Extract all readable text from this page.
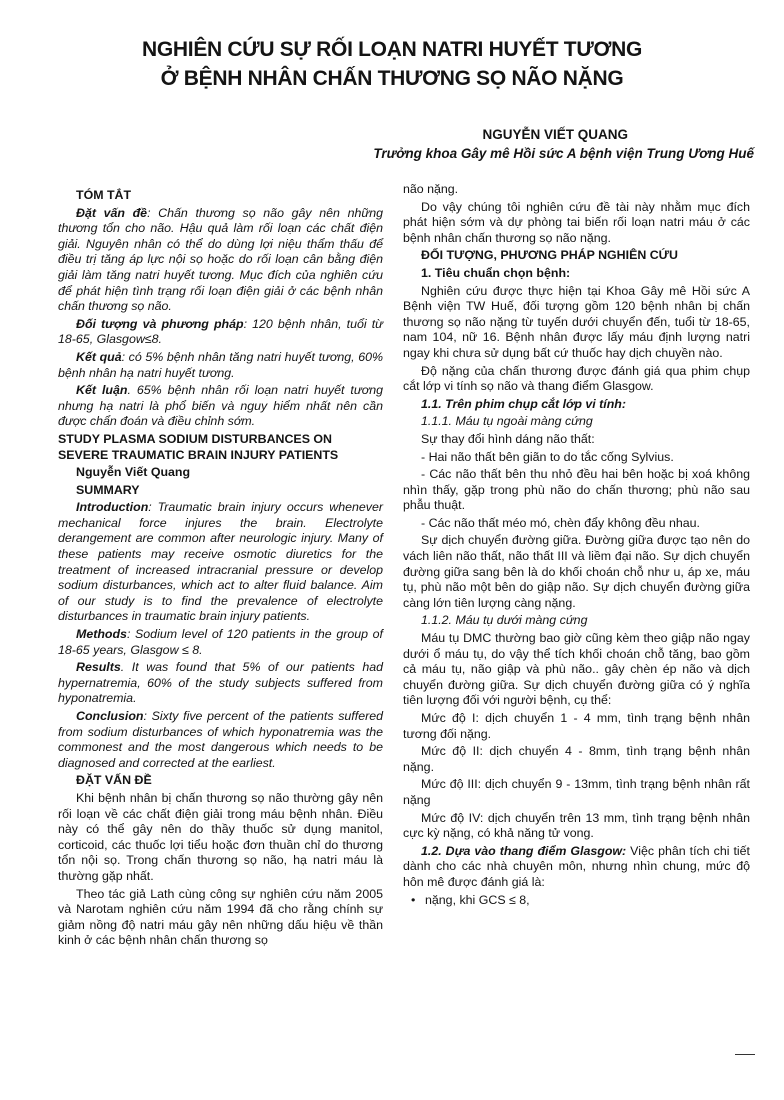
NGHIÊN CỨU SỰ RỐI LOẠN NATRI HUYẾT TƯƠNG
Ở BỆNH NHÂN CHẤN THƯƠNG SỌ NÃO NẶNG
NGUYỄN VIẾT QUANG
Trưởng khoa Gây mê Hồi sức A bệnh viện Trung Ương Huế

TÓM TẮT

Đặt vấn đề: Chấn thương sọ não gây nên những thương tổn cho não. Hậu quả làm rối loạn các chất điện giải. Nguyên nhân có thể do dùng lợi niệu thẩm thấu để điều trị tăng áp lực nội sọ hoặc do rối loạn cân bằng điện giải làm tăng natri huyết tương. Mục đích của nghiên cứu để phát hiện tình trạng rối loạn điện giải ở các bệnh nhân chấn thương sọ não.

Đối tượng và phương pháp: 120 bệnh nhân, tuổi từ 18-65, Glasgow≤8.

Kết quả: có 5% bệnh nhân tăng natri huyết tương, 60% bệnh nhân hạ natri huyết tương.

Kết luận. 65% bệnh nhân rối loạn natri huyết tương nhưng hạ natri là phổ biến và nguy hiểm nhất nên cần được chẩn đoán và điều chỉnh sớm.

STUDY PLASMA SODIUM DISTURBANCES ON SEVERE TRAUMATIC BRAIN INJURY PATIENTS

Nguyễn Viết Quang

SUMMARY

Introduction: Traumatic brain injury occurs whenever mechanical force injures the brain. Electrolyte derangement are common after neurologic injury. Many of these patients may receive osmotic diuretics for the treatment of increased intracranial pressure or develop sodium disturbances, which act to alter fluid balance. Aim of our study is to find the prevalence of electrolyte disturbances in traumatic brain injury patients.

Methods: Sodium level of 120 patients in the group of 18-65 years, Glasgow ≤ 8.

Results. It was found that 5% of our patients had hypernatremia, 60% of the study subjects suffered from hyponatremia.

Conclusion: Sixty five percent of the patients suffered from sodium disturbances of which hyponatremia was the commonest and the most dangerous which needs to be diagnosed and corrected at the earliest.

ĐẶT VẤN ĐỀ

Khi bệnh nhân bị chấn thương sọ não thường gây nên rối loạn về các chất điện giải trong máu bệnh nhân. Điều này có thể gây nên do thầy thuốc sử dụng manitol, corticoid, các thuốc lợi tiểu hoặc đơn thuần chỉ do thương tổn nội sọ. Trong chấn thương sọ não, hạ natri máu là thường gặp nhất.

Theo tác giả Lath cùng công sự nghiên cứu năm 2005 và Narotam nghiên cứu năm 1994 đã cho rằng chính sự giảm nồng độ natri máu gây nên những dấu hiệu về thần kinh ở các bệnh nhân chấn thương sọ

não nặng.

Do vậy chúng tôi nghiên cứu đề tài này nhằm mục đích phát hiện sớm và dự phòng tai biến rối loạn natri máu ở các bệnh nhân chấn thương sọ não nặng.

ĐỐI TƯỢNG, PHƯƠNG PHÁP NGHIÊN CỨU

1. Tiêu chuẩn chọn bệnh:

Nghiên cứu được thực hiện tại Khoa Gây mê Hồi sức A Bệnh viện TW Huế, đối tượng gồm 120 bệnh nhân bị chấn thương sọ não nặng từ tuyến dưới chuyển đến, tuổi từ 18-65, nam 104, nữ 16. Bệnh nhân được lấy máu định lượng natri ngay khi chưa sử dụng bất cứ thuốc hay dịch chuyền nào.

Độ nặng của chấn thương được đánh giá qua phim chụp cắt lớp vi tính sọ não và thang điểm Glasgow.

1.1. Trên phim chụp cắt lớp vi tính:

1.1.1. Máu tụ ngoài màng cứng

Sự thay đổi hình dáng não thất:

- Hai não thất bên giãn to do tắc cống Sylvius.

- Các não thất bên thu nhỏ đều hai bên hoặc bị xoá không nhìn thấy, gặp trong phù não do chấn thương; phù não sau phẫu thuật.

- Các não thất méo mó, chèn đẩy không đều nhau.

Sự dịch chuyển đường giữa. Đường giữa được tạo nên do vách liên não thất, não thất III và liềm đại não. Sự dịch chuyển đường giữa sang bên là do khối choán chỗ như u, áp xe, máu tụ, phù não một bên do giập não. Sự dịch chuyển đường giữa càng lớn tiên lượng càng nặng.

1.1.2. Máu tụ dưới màng cứng

Máu tụ DMC thường bao giờ cũng kèm theo giập não ngay dưới ổ máu tụ, do vậy thể tích khối choán chỗ tăng, bao gồm cả máu tụ, não giập và phù não.. gây chèn ép não và dịch chuyển đường giữa. Sự dịch chuyển đường giữa có ý nghĩa tiên lượng đối với người bệnh, cụ thể:

Mức độ I: dịch chuyển 1 - 4 mm, tình trạng bệnh nhân tương đối nặng.

Mức độ II: dịch chuyển 4 - 8mm, tình trạng bệnh nhân nặng.

Mức độ III: dịch chuyển 9 - 13mm, tình trạng bệnh nhân rất nặng

Mức độ IV: dịch chuyển trên 13 mm, tình trạng bệnh nhân cực kỳ nặng, có khả năng tử vong.

1.2. Dựa vào thang điểm Glasgow: Việc phân tích chi tiết dành cho các nhà chuyên môn, nhưng nhìn chung, mức độ hôn mê được đánh giá là:

• nặng, khi GCS ≤ 8,
